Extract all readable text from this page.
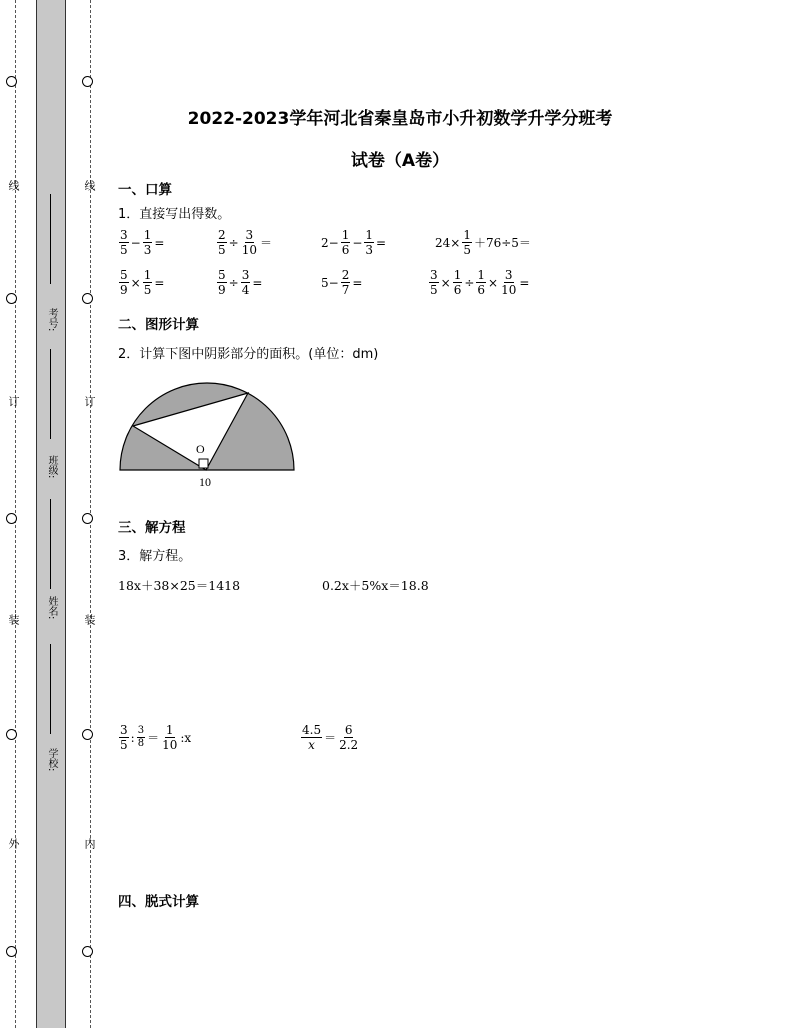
线
订
装
外
线
订
装
内
考号:
班级:
姓名:
学校:
2022-2023学年河北省秦皇岛市小升初数学升学分班考
试卷（A卷）
一、口算
1．直接写出得数。
$\frac{3}{5} - \frac{1}{3}$ =	$\frac{2}{5} \div \frac{3}{10}$ ＝	$2- \frac{1}{6} - \frac{1}{3}$ =	$24\times \frac{1}{5} +76\div 5=$
$\frac{5}{9} \times \frac{1}{5}$ =	$\frac{5}{9} \div \frac{3}{4}$ =	$5- \frac{2}{7}$ =	$\frac{3}{5} \times \frac{1}{6} \div \frac{1}{6} \times \frac{3}{10}$ =
二、图形计算
2．计算下图中阴影部分的面积。(单位：dm)
O
10
三、解方程
3．解方程。
18x＋38×25＝1418	0.2x＋5%x＝18.8
$\frac{3}{5}$ : $\frac{3}{8} = \frac{1}{10}$ :x	$\frac{4.5}{x} = \frac{6}{2.2}$
四、脱式计算
